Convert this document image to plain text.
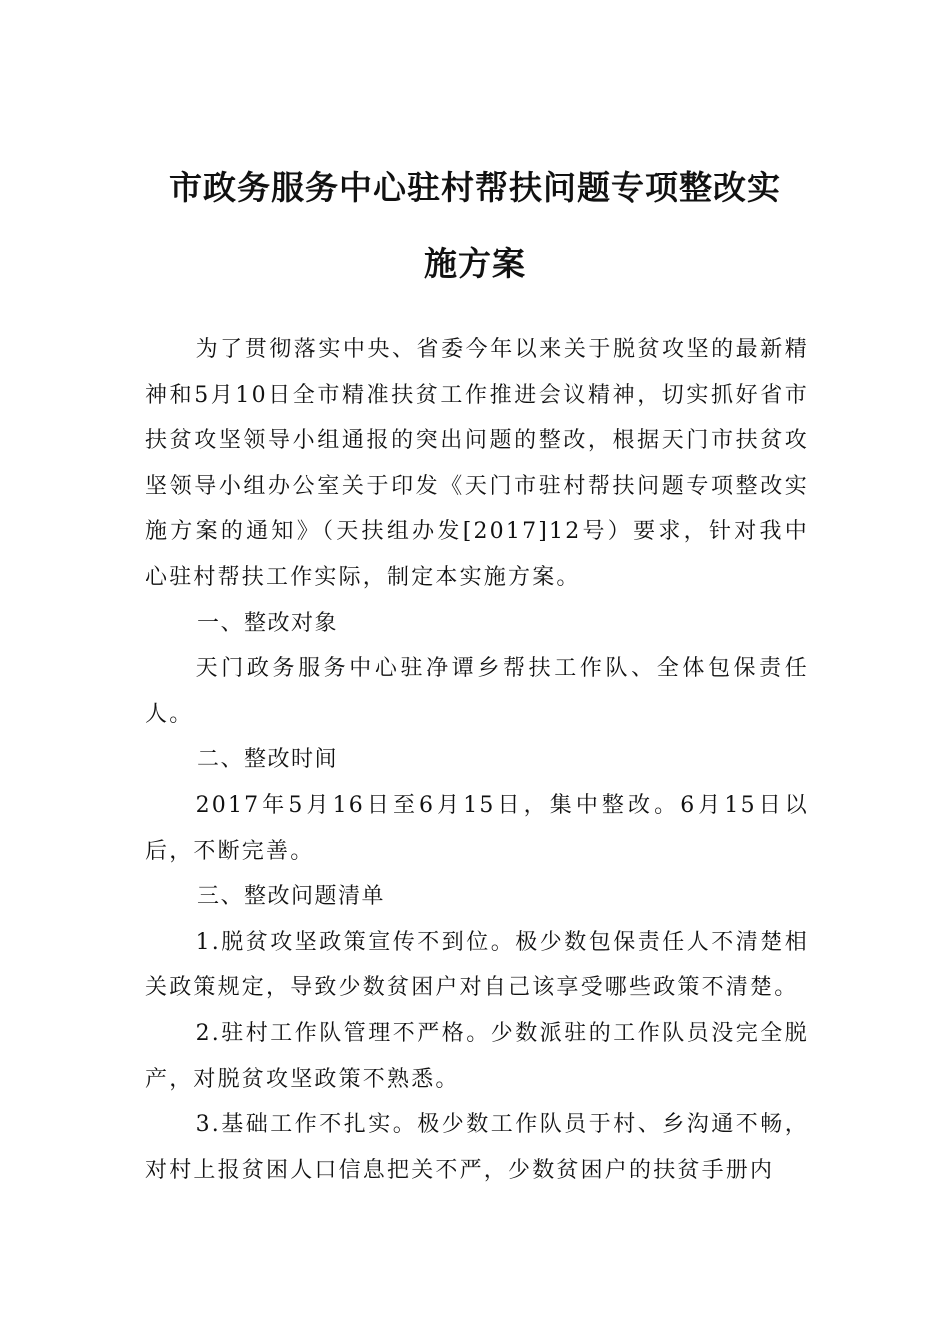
市政务服务中心驻村帮扶问题专项整改实
施方案

为了贯彻落实中央、省委今年以来关于脱贫攻坚的最新精神和5月10日全市精准扶贫工作推进会议精神，切实抓好省市扶贫攻坚领导小组通报的突出问题的整改，根据天门市扶贫攻坚领导小组办公室关于印发《天门市驻村帮扶问题专项整改实施方案的通知》（天扶组办发[2017]12号）要求，针对我中心驻村帮扶工作实际，制定本实施方案。

一、整改对象

天门政务服务中心驻净谭乡帮扶工作队、全体包保责任人。

二、整改时间

2017年5月16日至6月15日，集中整改。6月15日以后，不断完善。

三、整改问题清单

1.脱贫攻坚政策宣传不到位。极少数包保责任人不清楚相关政策规定，导致少数贫困户对自己该享受哪些政策不清楚。

2.驻村工作队管理不严格。少数派驻的工作队员没完全脱产，对脱贫攻坚政策不熟悉。

3.基础工作不扎实。极少数工作队员于村、乡沟通不畅，对村上报贫困人口信息把关不严，少数贫困户的扶贫手册内
